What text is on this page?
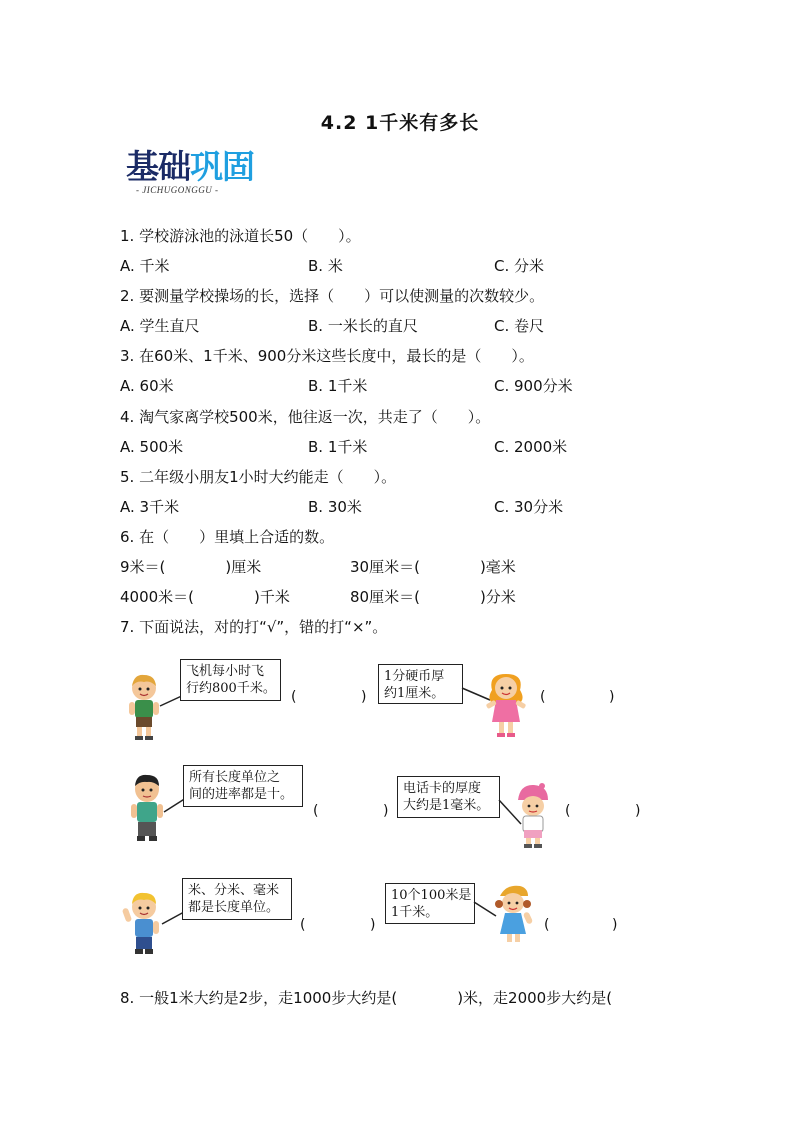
4.2 1千米有多长
基础巩固
- JICHUGONGGU -
1. 学校游泳池的泳道长50（　　）。
A. 千米	B. 米	C. 分米
2. 要测量学校操场的长，选择（　　）可以使测量的次数较少。
A. 学生直尺	B. 一米长的直尺	C. 卷尺
3. 在60米、1千米、900分米这些长度中，最长的是（　　）。
A. 60米	B. 1千米	C. 900分米
4. 淘气家离学校500米，他往返一次，共走了（　　）。
A. 500米	B. 1千米	C. 2000米
5. 二年级小朋友1小时大约能走（　　）。
A. 3千米	B. 30米	C. 30分米
6. 在（　　）里填上合适的数。
9米＝(　　　　)厘米	30厘米＝(　　　　)毫米
4000米＝(　　　　)千米	80厘米＝(　　　　)分米
7. 下面说法，对的打“√”，错的打“×”。
飞机每小时飞
行约800千米。
(	)
1分硬币厚
约1厘米。	(	)
所有长度单位之
间的进率都是十。
(	)
电话卡的厚度
大约是1毫米。	(	)
米、分米、毫米
都是长度单位。
(	)
10个100米是
1千米。
(	)
8. 一般1米大约是2步，走1000步大约是(　　　　)米，走2000步大约是(
